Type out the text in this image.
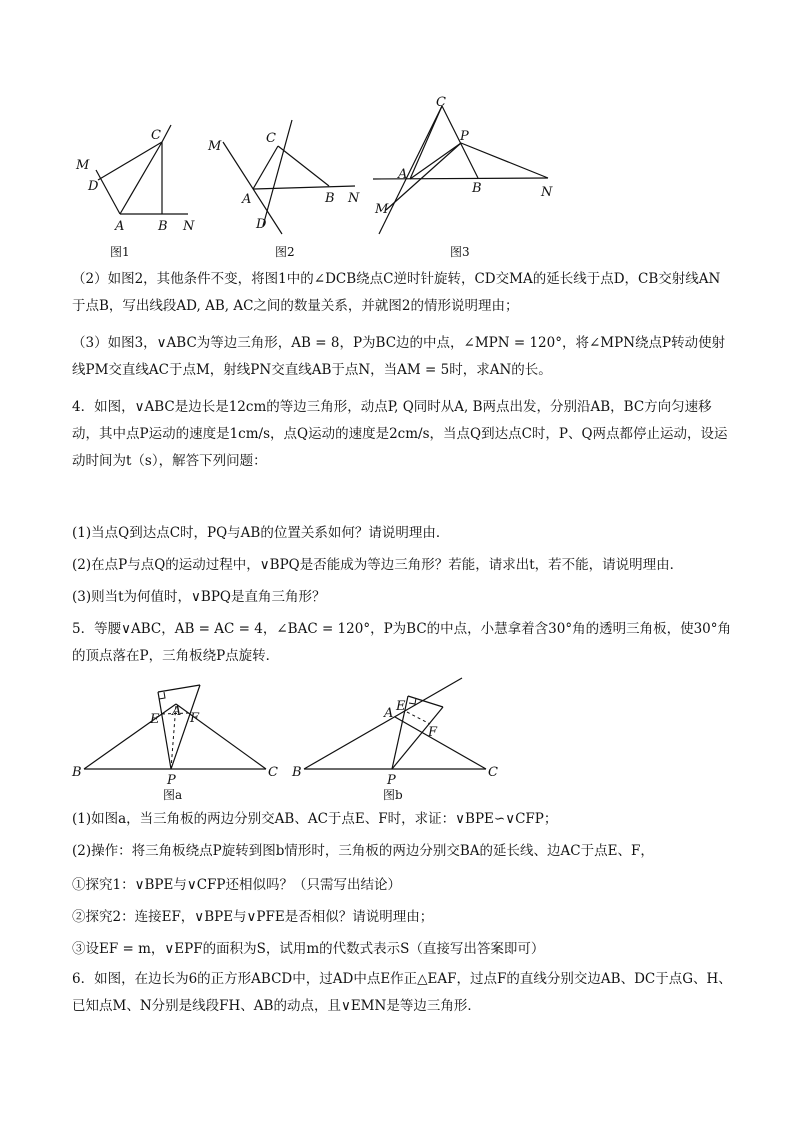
M
D
C
A	B N
图1
M
C
A	B N
D
图2
C
P
A
B	N
M
图3
（2）如图2，其他条件不变，将图1中的∠DCB绕点C逆时针旋转，CD交MA的延长线于点D，CB交射线AN于点B，写出线段AD, AB, AC之间的数量关系，并就图2的情形说明理由；
（3）如图3，∨ABC为等边三角形，AB = 8，P为BC边的中点，∠MPN = 120°，将∠MPN绕点P转动使射线PM交直线AC于点M，射线PN交直线AB于点N，当AM = 5时，求AN的长。
4．如图，∨ABC是边长是12cm的等边三角形，动点P, Q同时从A, B两点出发，分别沿AB，BC方向匀速移动，其中点P运动的速度是1cm/s，点Q运动的速度是2cm/s，当点Q到达点C时，P、Q两点都停止运动，设运动时间为t（s），解答下列问题：
(1)当点Q到达点C时，PQ与AB的位置关系如何？请说明理由．
(2)在点P与点Q的运动过程中，∨BPQ是否能成为等边三角形？若能，请求出t，若不能，请说明理由．
(3)则当t为何值时，∨BPQ是直角三角形？
5．等腰∨ABC，AB = AC = 4，∠BAC = 120°，P为BC的中点，小慧拿着含30°角的透明三角板，使30°角的顶点落在P，三角板绕P点旋转．
E
A F
B
P
C
图a
A E
F
B
P
C
图b
(1)如图a，当三角板的两边分别交AB、AC于点E、F时，求证：∨BPE∽∨CFP；
(2)操作：将三角板绕点P旋转到图b情形时，三角板的两边分别交BA的延长线、边AC于点E、F，
①探究1：∨BPE与∨CFP还相似吗？（只需写出结论）
②探究2：连接EF，∨BPE与∨PFE是否相似？请说明理由；
③设EF = m，∨EPF的面积为S，试用m的代数式表示S（直接写出答案即可）
6．如图，在边长为6的正方形ABCD中，过AD中点E作正△EAF，过点F的直线分别交边AB、DC于点G、H、已知点M、N分别是线段FH、AB的动点，且∨EMN是等边三角形．
